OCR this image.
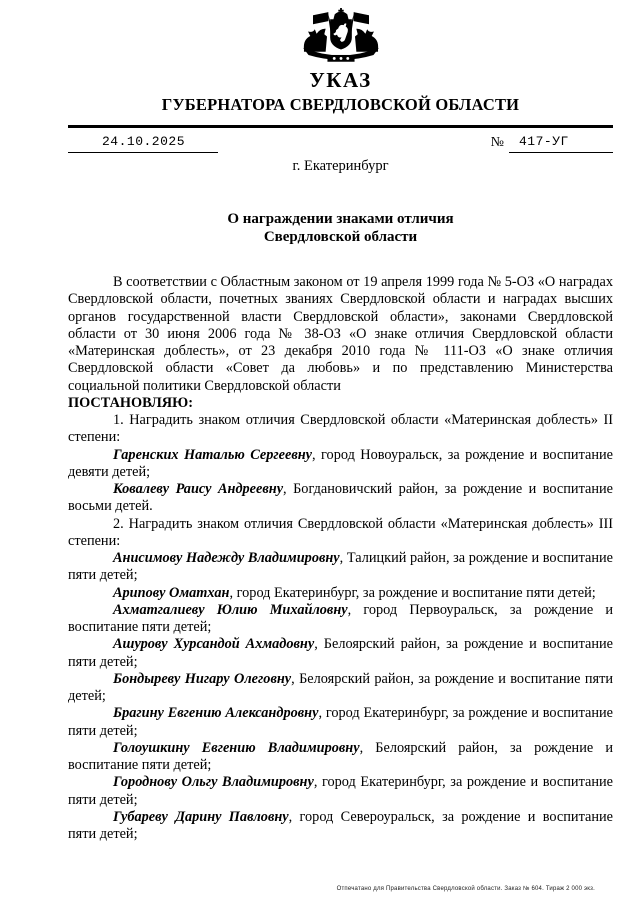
УКАЗ
ГУБЕРНАТОРА СВЕРДЛОВСКОЙ ОБЛАСТИ
24.10.2025	№	417-УГ
г. Екатеринбург
О награждении знаками отличия
Свердловской области
В соответствии с Областным законом от 19 апреля 1999 года № 5-ОЗ «О наградах Свердловской области, почетных званиях Свердловской области и наградах высших органов государственной власти Свердловской области», законами Свердловской области от 30 июня 2006 года № 38-ОЗ «О знаке отличия Свердловской области «Материнская доблесть», от 23 декабря 2010 года № 111-ОЗ «О знаке отличия Свердловской области «Совет да любовь» и по представлению Министерства социальной политики Свердловской области
ПОСТАНОВЛЯЮ:
1. Наградить знаком отличия Свердловской области «Материнская доблесть» II степени:
Гаренских Наталью Сергеевну, город Новоуральск, за рождение и воспитание девяти детей;
Ковалеву Раису Андреевну, Богдановичский район, за рождение и воспитание восьми детей.
2. Наградить знаком отличия Свердловской области «Материнская доблесть» III степени:
Анисимову Надежду Владимировну, Талицкий район, за рождение и воспитание пяти детей;
Арипову Оматхан, город Екатеринбург, за рождение и воспитание пяти детей;
Ахматгалиеву Юлию Михайловну, город Первоуральск, за рождение и воспитание пяти детей;
Ашурову Хурсандой Ахмадовну, Белоярский район, за рождение и воспитание пяти детей;
Бондыреву Нигару Олеговну, Белоярский район, за рождение и воспитание пяти детей;
Брагину Евгению Александровну, город Екатеринбург, за рождение и воспитание пяти детей;
Голоушкину Евгению Владимировну, Белоярский район, за рождение и воспитание пяти детей;
Городнову Ольгу Владимировну, город Екатеринбург, за рождение и воспитание пяти детей;
Губареву Дарину Павловну, город Североуральск, за рождение и воспитание пяти детей;
Отпечатано для Правительства Свердловской области. Заказ № 604. Тираж 2 000 экз.
